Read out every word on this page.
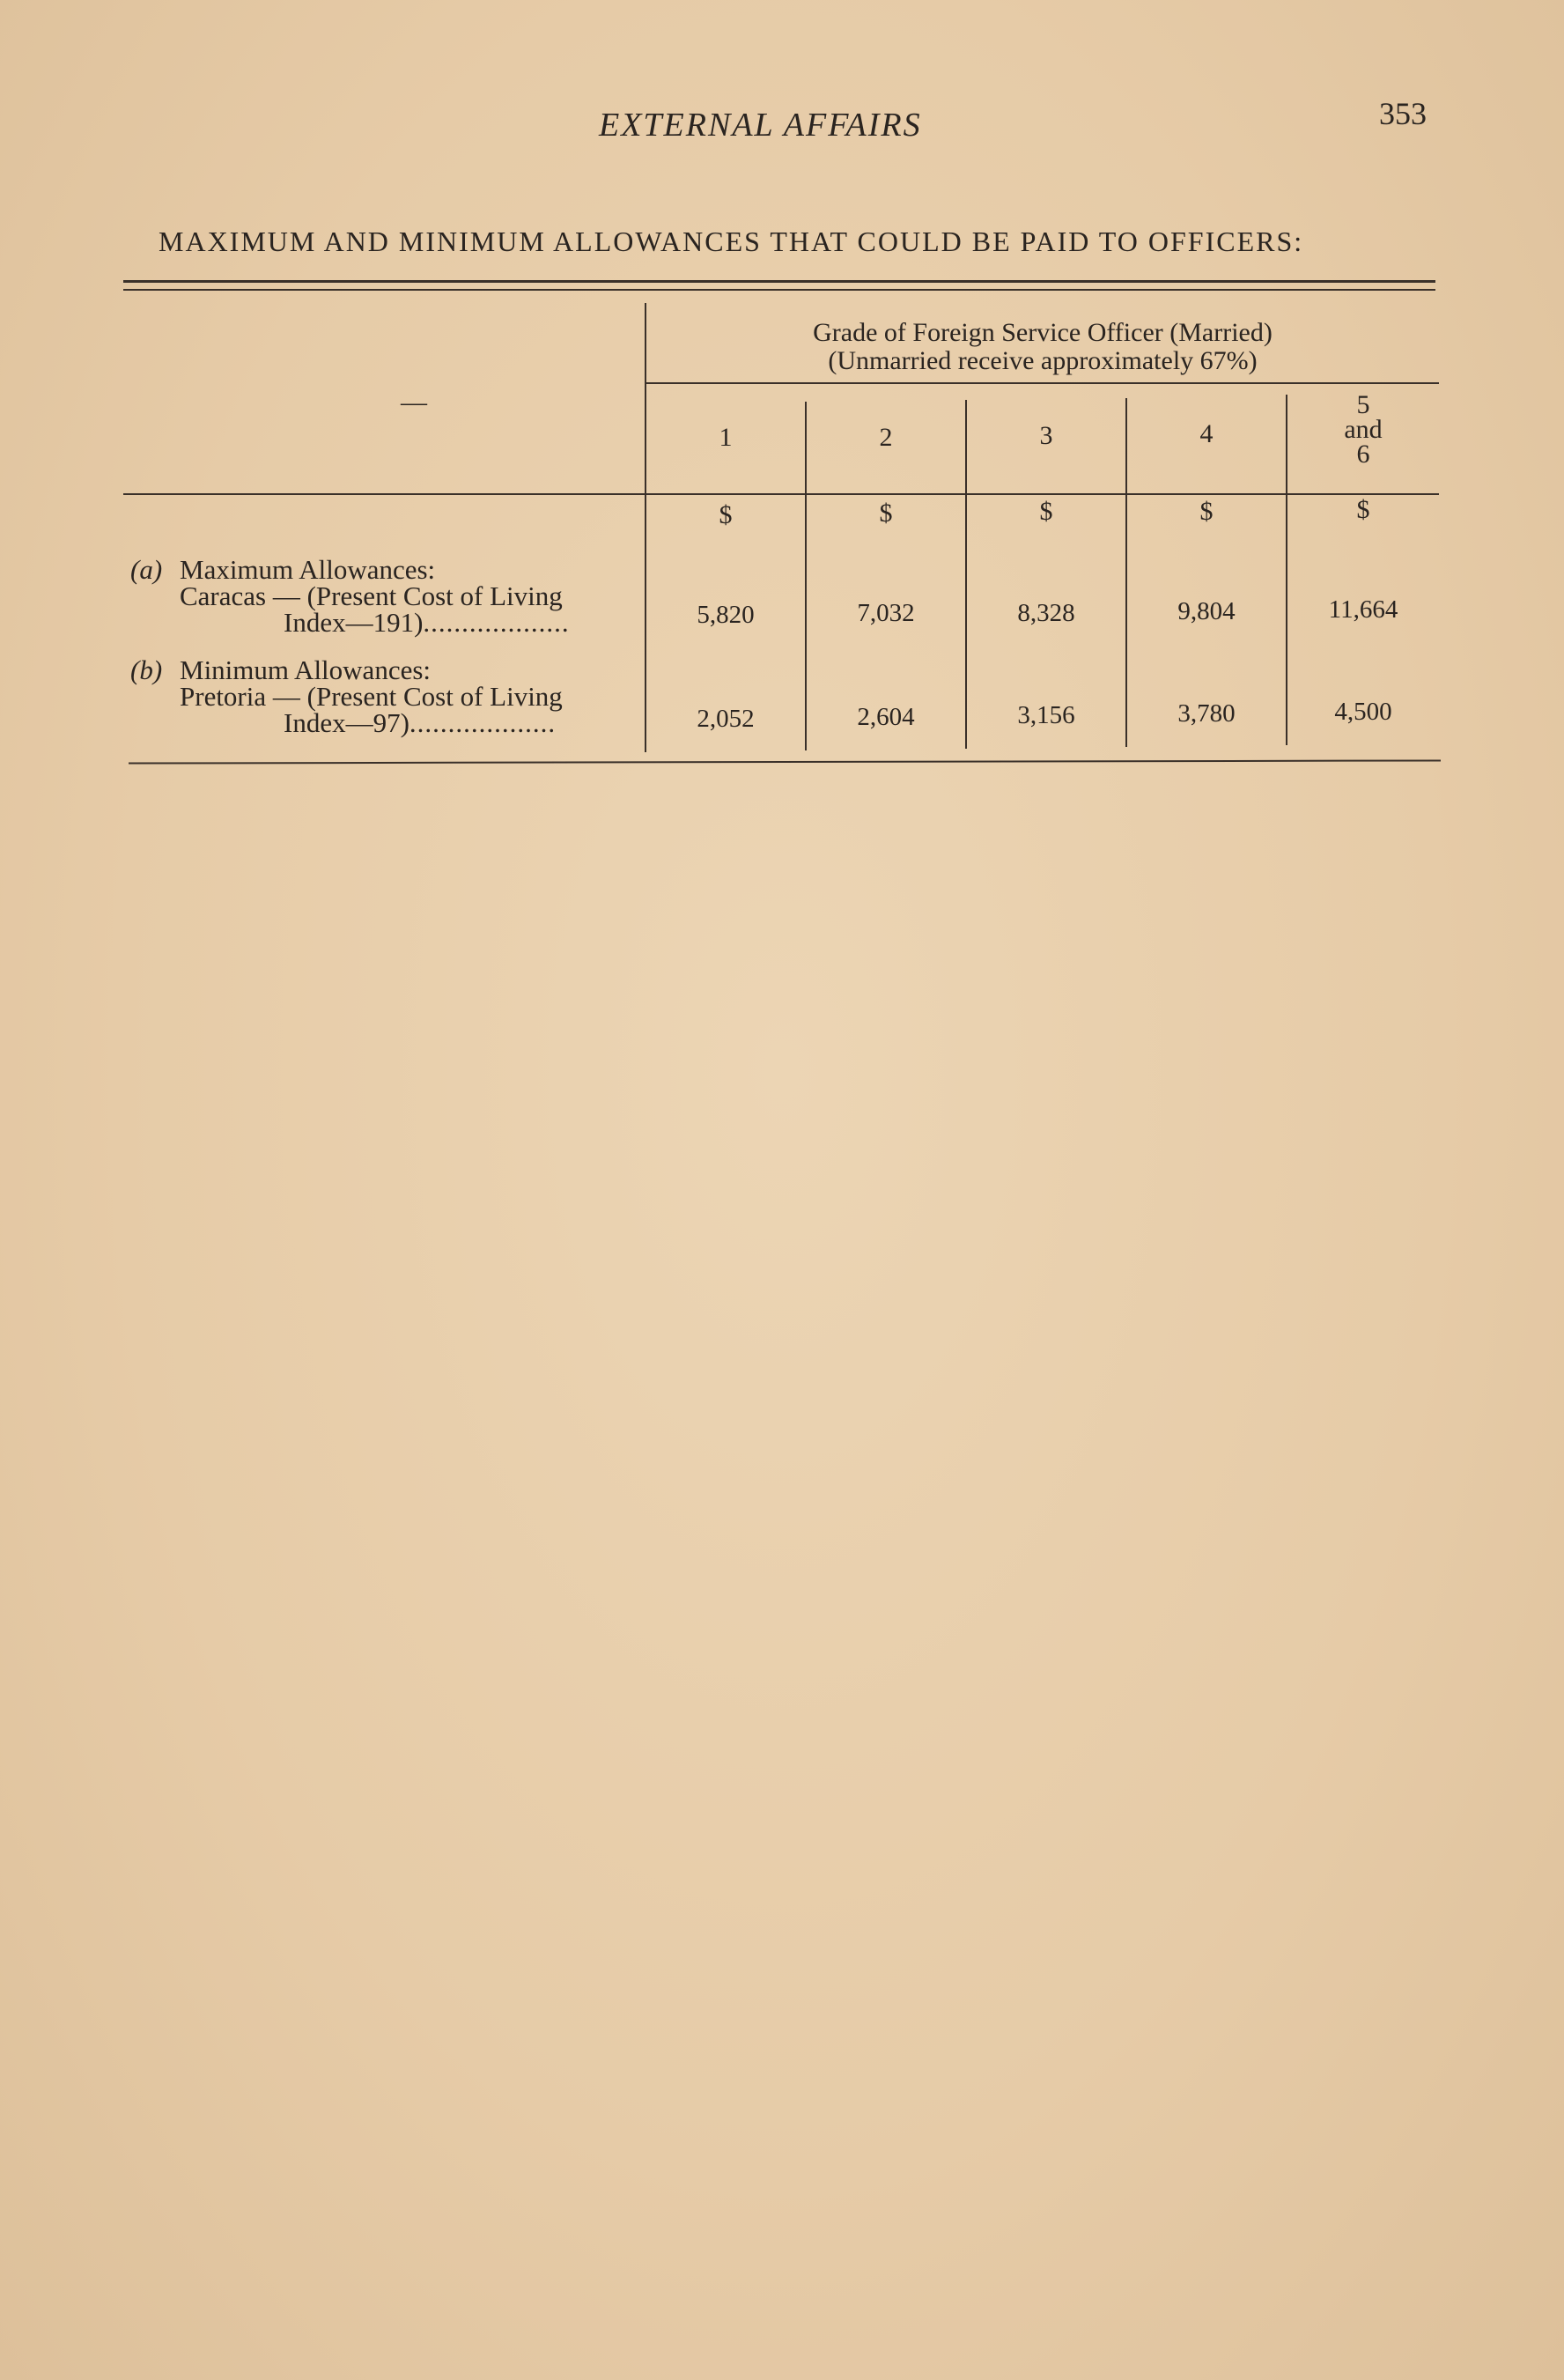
EXTERNAL AFFAIRS	353
MAXIMUM AND MINIMUM ALLOWANCES THAT COULD BE PAID TO OFFICERS:
—
Grade of Foreign Service Officer (Married)
(Unmarried receive approximately 67%)
1	2	3	4
5
and
6
$	$	$	$	$
(a) Maximum Allowances:
Caracas — (Present Cost of Living
Index—191)...................	5,820	7,032	8,328	9,804	11,664
(b) Minimum Allowances:
Pretoria — (Present Cost of Living
Index—97)...................	2,052	2,604	3,156	3,780	4,500
